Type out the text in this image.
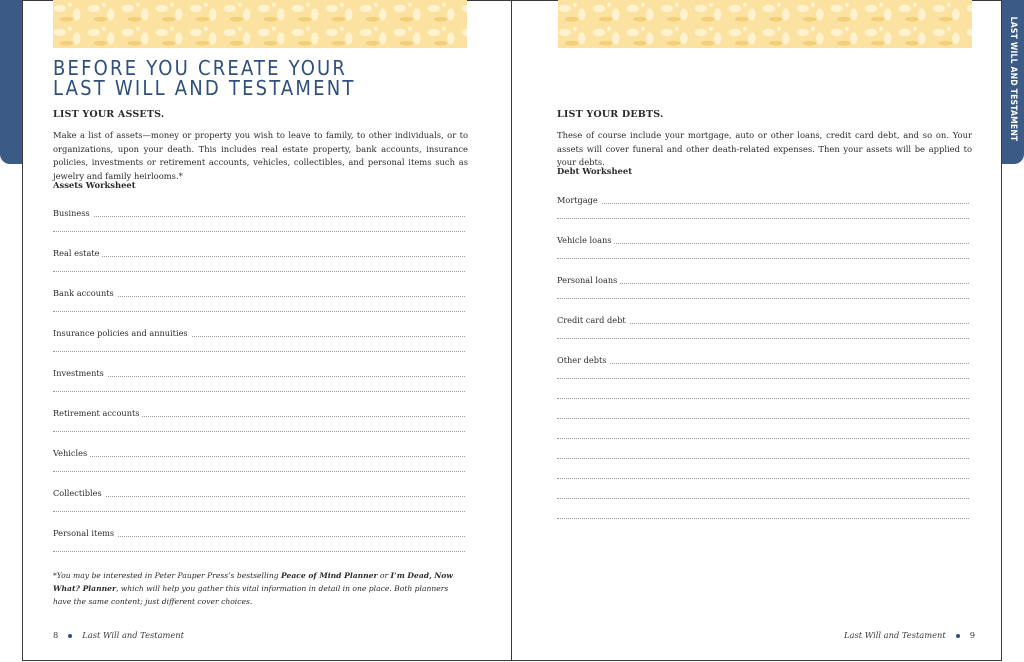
LAST WILL AND TESTAMENT
BEFORE YOU CREATE YOUR
LAST WILL AND TESTAMENT
LIST YOUR ASSETS.
Make a list of assets—money or property you wish to leave to family, to other individuals, or to organizations, upon your death. This includes real estate property, bank accounts, insurance policies, investments or retirement accounts, vehicles, collectibles, and personal items such as jewelry and family heirlooms.*
Assets Worksheet
Business
Real estate
Bank accounts
Insurance policies and annuities
Investments
Retirement accounts
Vehicles
Collectibles
Personal items
*You may be interested in Peter Pauper Press’s bestselling Peace of Mind Planner or I’m Dead, Now What? Planner, which will help you gather this vital information in detail in one place. Both planners have the same content; just different cover choices.
8	Last Will and Testament
LIST YOUR DEBTS.
These of course include your mortgage, auto or other loans, credit card debt, and so on. Your assets will cover funeral and other death-related expenses. Then your assets will be applied to your debts.
Debt Worksheet
Mortgage
Vehicle loans
Personal loans
Credit card debt
Other debts
Last Will and Testament	9
